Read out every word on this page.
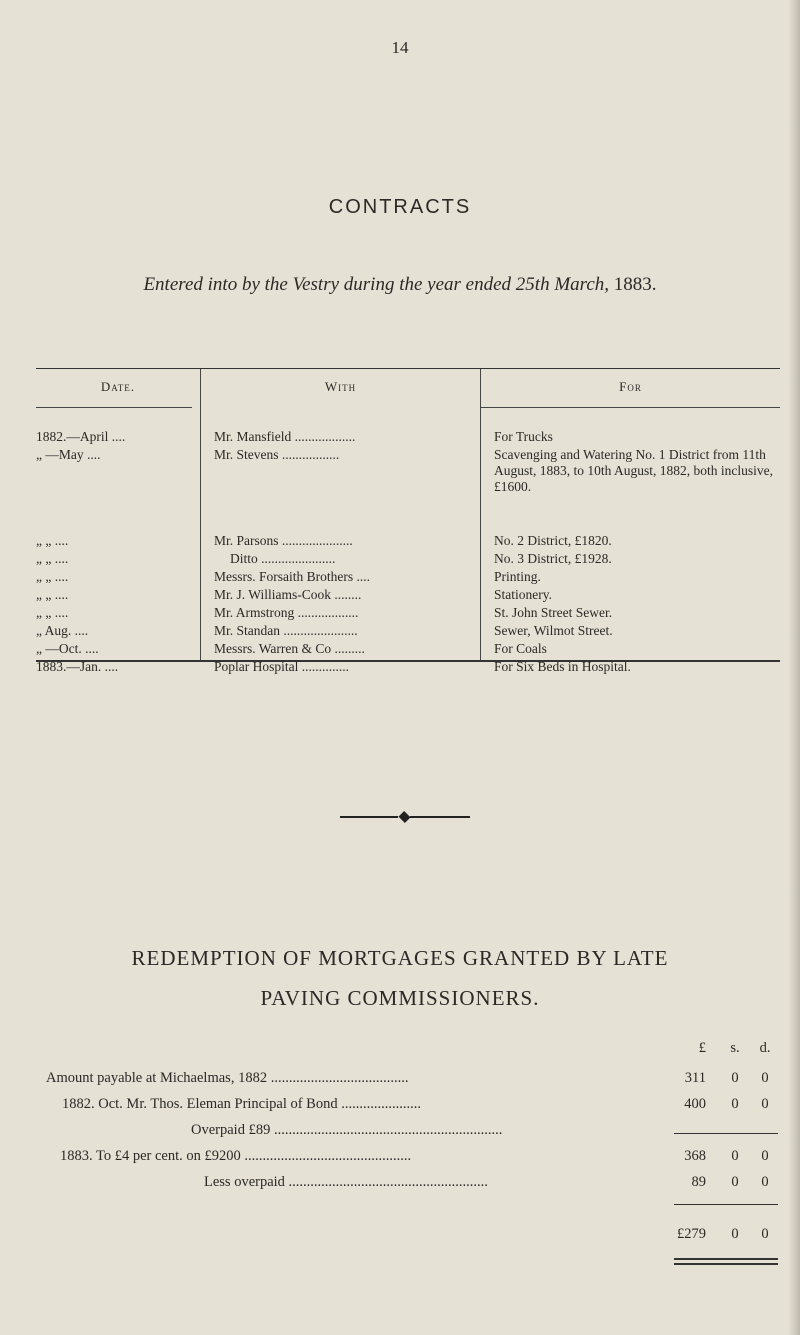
14
CONTRACTS
Entered into by the Vestry during the year ended 25th March, 1883.
Date.	With	For
1882.—April ....	Mr. Mansfield ..................	For Trucks
„ —May ....	Mr. Stevens .................	Scavenging and Watering No. 1 District from 11th August, 1883, to 10th August, 1882, both inclusive, £1600.
„ „ ....	Mr. Parsons .....................	No. 2 District, £1820.
„ „ ....	Ditto ......................	No. 3 District, £1928.
„ „ ....	Messrs. Forsaith Brothers ....	Printing.
„ „ ....	Mr. J. Williams-Cook ........	Stationery.
„ „ ....	Mr. Armstrong ..................	St. John Street Sewer.
„ Aug. ....	Mr. Standan ......................	Sewer, Wilmot Street.
„ —Oct. ....	Messrs. Warren & Co .........	For Coals
1883.—Jan. ....	Poplar Hospital ..............	For Six Beds in Hospital.
REDEMPTION OF MORTGAGES GRANTED BY LATE
PAVING COMMISSIONERS.
£ s. d.
Amount payable at Michaelmas, 1882 ......................................	311 0	0
1882. Oct. Mr. Thos. Eleman Principal of Bond ......................	400 0	0
Overpaid £89 ...............................................................
1883. To £4 per cent. on £9200 ..............................................	368 0	0
Less overpaid .......................................................	89 0	0
£279 0	0
